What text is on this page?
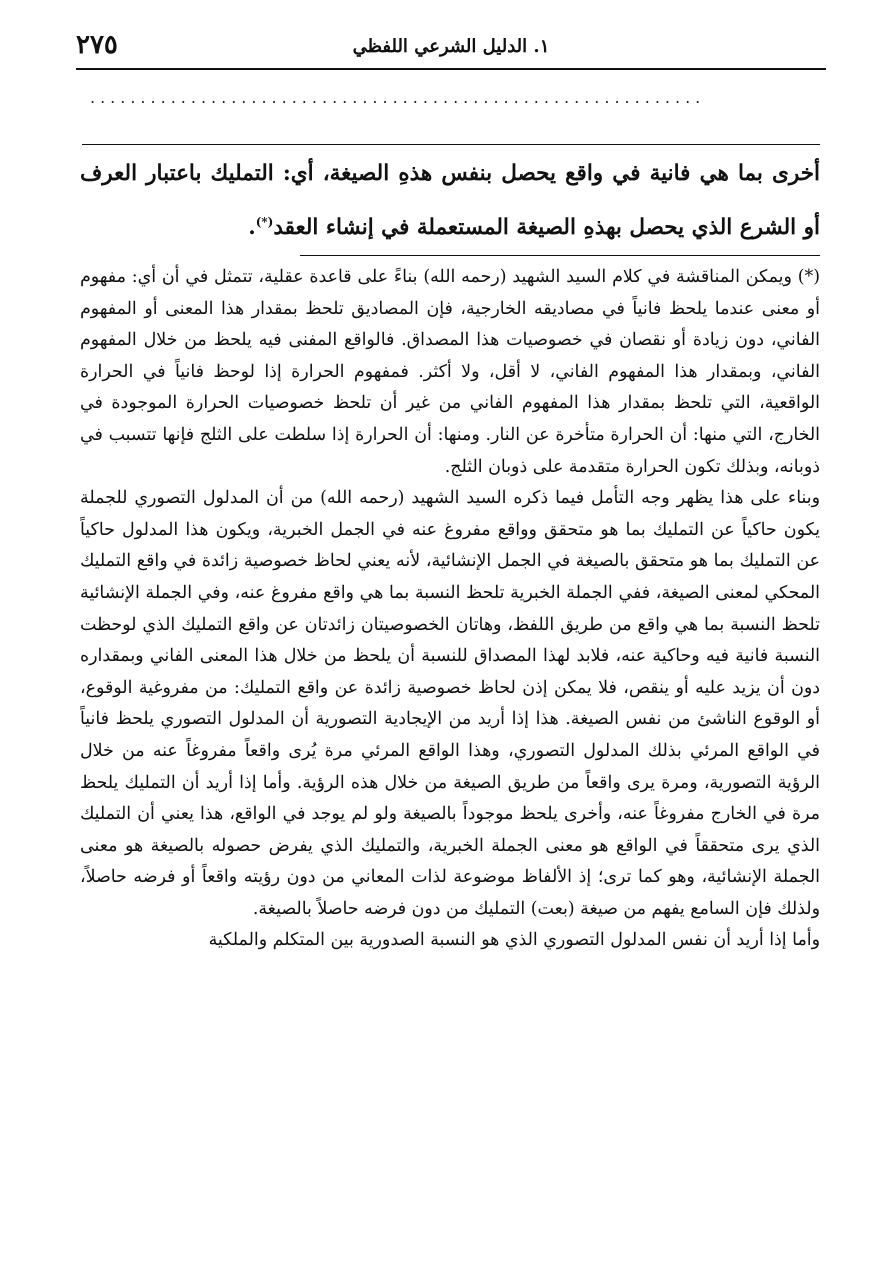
٢٧٥	١. الدليل الشرعي اللفظي
.............................................................
أخرى بما هي فانية في واقع يحصل بنفس هذهِ الصيغة، أي: التمليك باعتبار العرف أو الشرع الذي يحصل بهذهِ الصيغة المستعملة في إنشاء العقد(*).

(*) ويمكن المناقشة في كلام السيد الشهيد (رحمه الله) بناءً على قاعدة عقلية، تتمثل في أن أي: مفهوم أو معنى عندما يلحظ فانياً في مصاديقه الخارجية، فإن المصاديق تلحظ بمقدار هذا المعنى أو المفهوم الفاني، دون زيادة أو نقصان في خصوصيات هذا المصداق. فالواقع المفنى فيه يلحظ من خلال المفهوم الفاني، وبمقدار هذا المفهوم الفاني، لا أقل، ولا أكثر. فمفهوم الحرارة إذا لوحظ فانياً في الحرارة الواقعية، التي تلحظ بمقدار هذا المفهوم الفاني من غير أن تلحظ خصوصيات الحرارة الموجودة في الخارج، التي منها: أن الحرارة متأخرة عن النار. ومنها: أن الحرارة إذا سلطت على الثلج فإنها تتسبب في ذوبانه، وبذلك تكون الحرارة متقدمة على ذوبان الثلج.

وبناء على هذا يظهر وجه التأمل فيما ذكره السيد الشهيد (رحمه الله) من أن المدلول التصوري للجملة يكون حاكياً عن التمليك بما هو متحقق وواقع مفروغ عنه في الجمل الخبرية، ويكون هذا المدلول حاكياً عن التمليك بما هو متحقق بالصيغة في الجمل الإنشائية، لأنه يعني لحاظ خصوصية زائدة في واقع التمليك المحكي لمعنى الصيغة، ففي الجملة الخبرية تلحظ النسبة بما هي واقع مفروغ عنه، وفي الجملة الإنشائية تلحظ النسبة بما هي واقع من طريق اللفظ، وهاتان الخصوصيتان زائدتان عن واقع التمليك الذي لوحظت النسبة فانية فيه وحاكية عنه، فلابد لهذا المصداق للنسبة أن يلحظ من خلال هذا المعنى الفاني وبمقداره دون أن يزيد عليه أو ينقص، فلا يمكن إذن لحاظ خصوصية زائدة عن واقع التمليك: من مفروغية الوقوع، أو الوقوع الناشئ من نفس الصيغة. هذا إذا أريد من الإيجادية التصورية أن المدلول التصوري يلحظ فانياً في الواقع المرئي بذلك المدلول التصوري، وهذا الواقع المرئي مرة يُرى واقعاً مفروغاً عنه من خلال الرؤية التصورية، ومرة يرى واقعاً من طريق الصيغة من خلال هذه الرؤية. وأما إذا أريد أن التمليك يلحظ مرة في الخارج مفروغاً عنه، وأخرى يلحظ موجوداً بالصيغة ولو لم يوجد في الواقع، هذا يعني أن التمليك الذي يرى متحققاً في الواقع هو معنى الجملة الخبرية، والتمليك الذي يفرض حصوله بالصيغة هو معنى الجملة الإنشائية، وهو كما ترى؛ إذ الألفاظ موضوعة لذات المعاني من دون رؤيته واقعاً أو فرضه حاصلاً، ولذلك فإن السامع يفهم من صيغة (بعت) التمليك من دون فرضه حاصلاً بالصيغة.

وأما إذا أريد أن نفس المدلول التصوري الذي هو النسبة الصدورية بين المتكلم والملكية
